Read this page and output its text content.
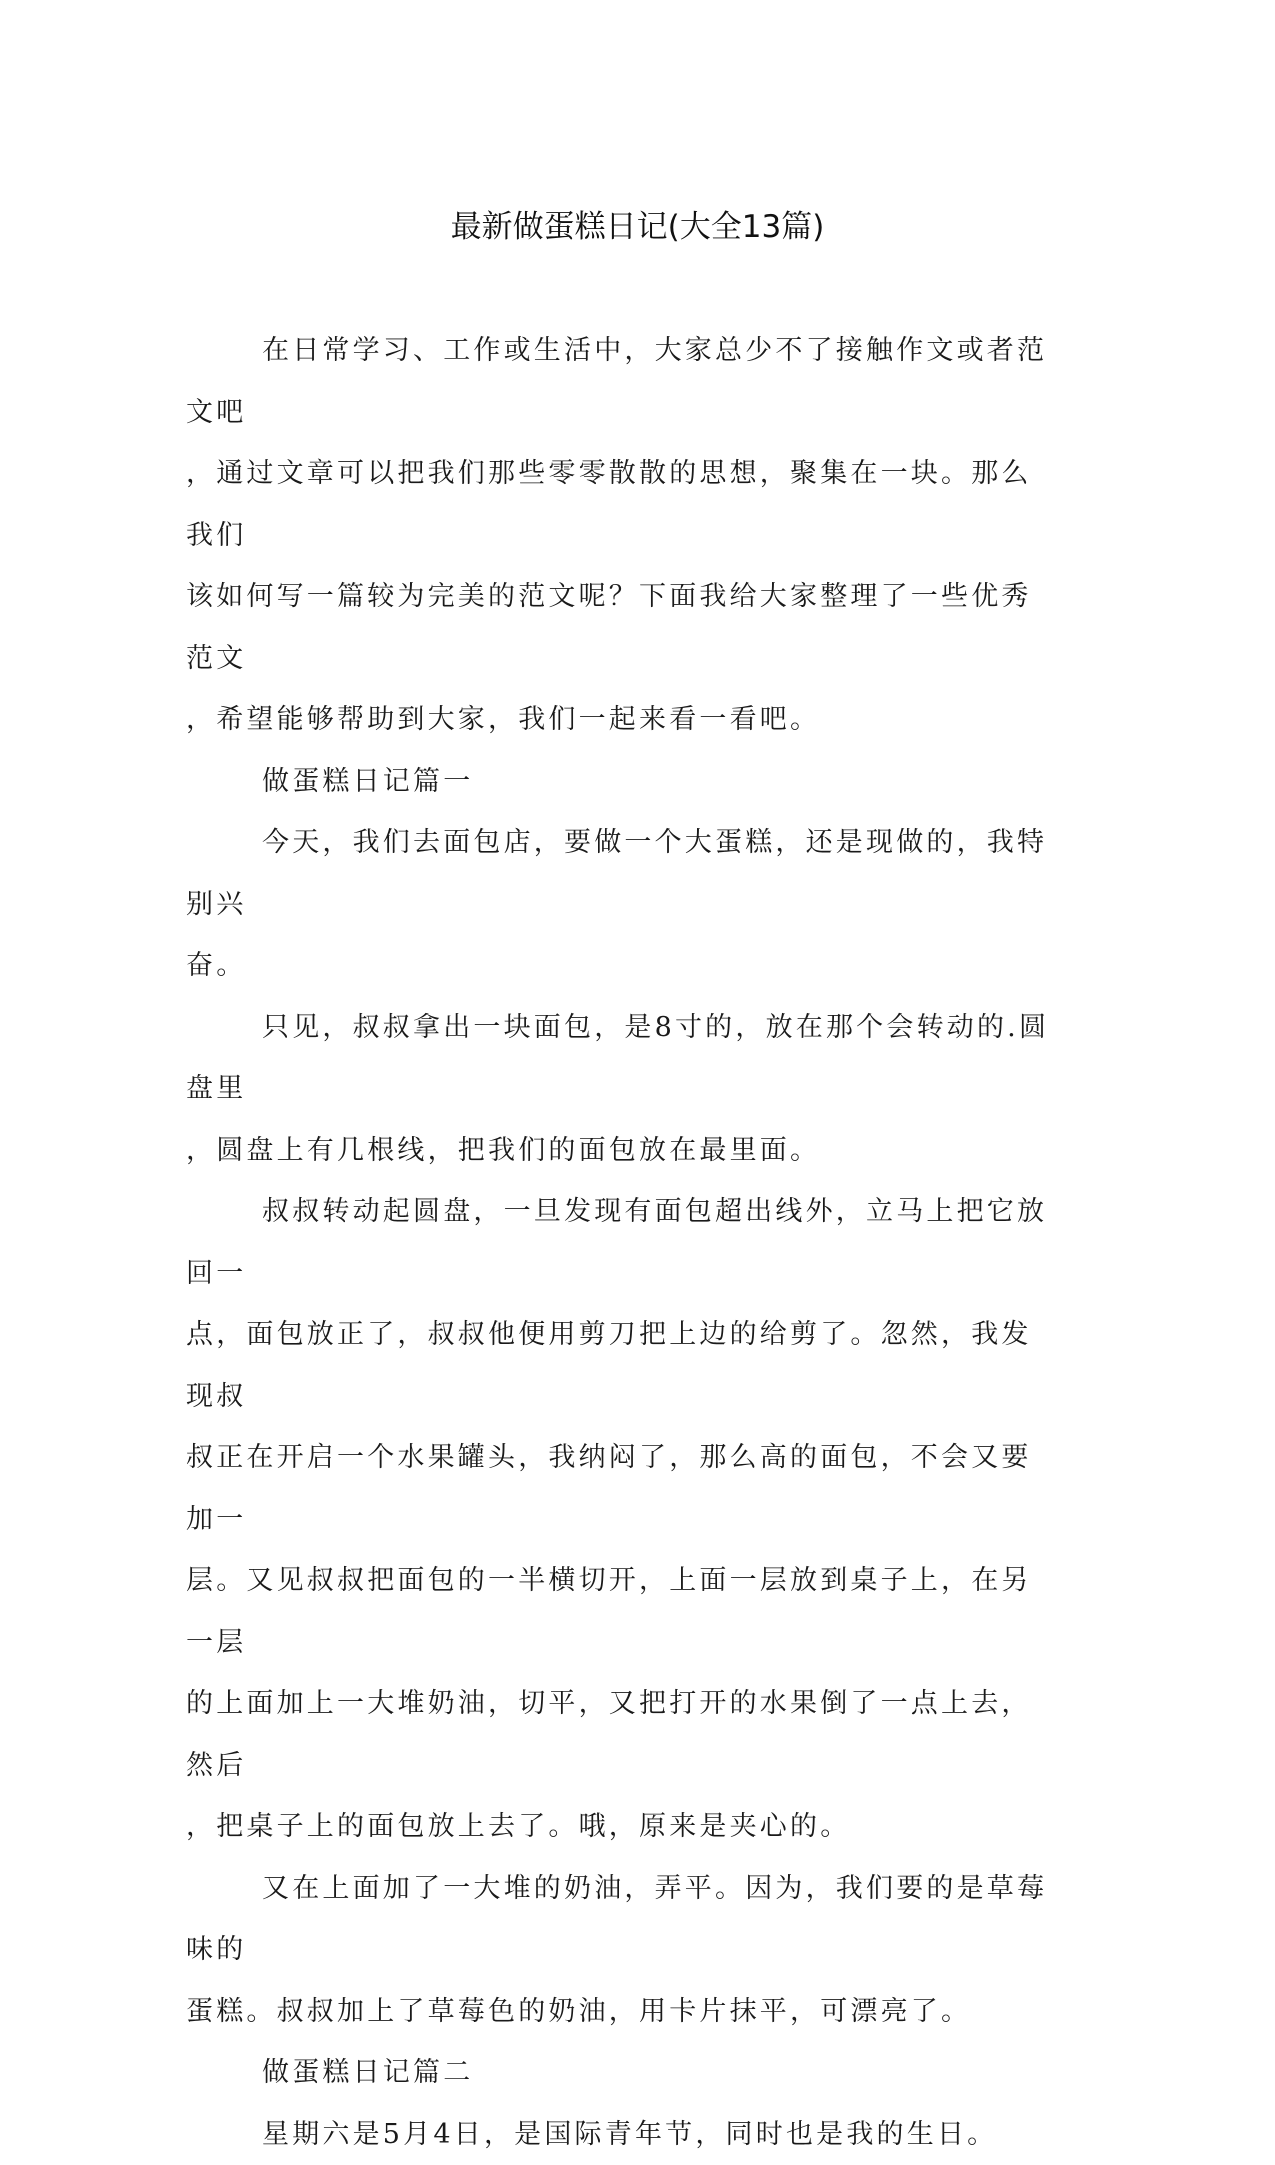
最新做蛋糕日记(大全13篇)

在日常学习、工作或生活中，大家总少不了接触作文或者范文吧

，通过文章可以把我们那些零零散散的思想，聚集在一块。那么我们

该如何写一篇较为完美的范文呢？下面我给大家整理了一些优秀范文

，希望能够帮助到大家，我们一起来看一看吧。

做蛋糕日记篇一

今天，我们去面包店，要做一个大蛋糕，还是现做的，我特别兴

奋。

只见，叔叔拿出一块面包，是8寸的，放在那个会转动的.圆盘里

，圆盘上有几根线，把我们的面包放在最里面。

叔叔转动起圆盘，一旦发现有面包超出线外，立马上把它放回一

点，面包放正了，叔叔他便用剪刀把上边的给剪了。忽然，我发现叔

叔正在开启一个水果罐头，我纳闷了，那么高的面包，不会又要加一

层。又见叔叔把面包的一半横切开，上面一层放到桌子上，在另一层

的上面加上一大堆奶油，切平，又把打开的水果倒了一点上去，然后

，把桌子上的面包放上去了。哦，原来是夹心的。

又在上面加了一大堆的奶油，弄平。因为，我们要的是草莓味的

蛋糕。叔叔加上了草莓色的奶油，用卡片抹平，可漂亮了。

做蛋糕日记篇二

星期六是5月4日，是国际青年节，同时也是我的生日。
